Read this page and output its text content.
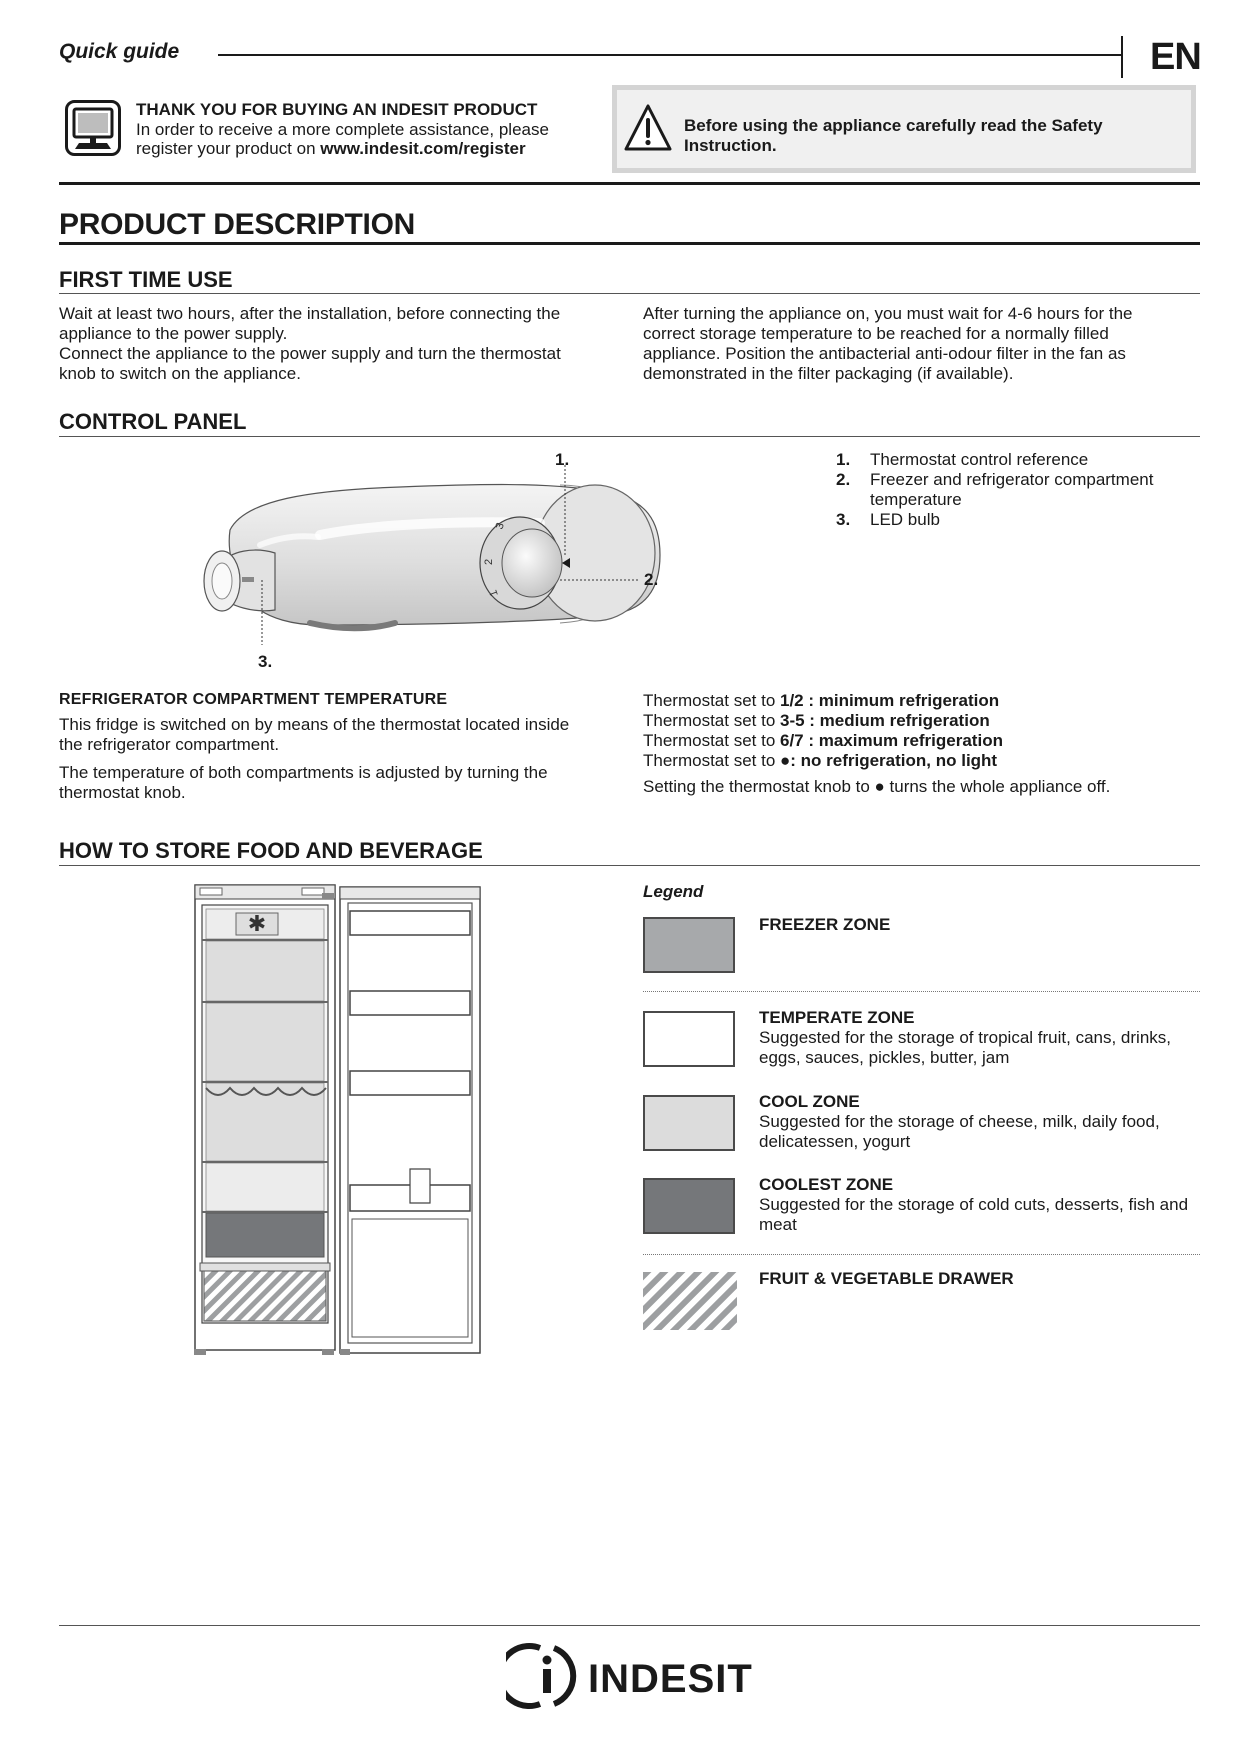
Quick guide	EN
THANK YOU FOR BUYING AN INDESIT PRODUCT
In order to receive a more complete assistance, please
register your product on www.indesit.com/register
Before using the appliance carefully read the Safety
Instruction.
PRODUCT DESCRIPTION
FIRST TIME USE
Wait at least two hours, after the installation, before connecting the
appliance to the power supply.
Connect the appliance to the power supply and turn the thermostat
knob to switch on the appliance.
After turning the appliance on, you must wait for 4-6 hours for the
correct storage temperature to be reached for a normally filled
appliance. Position the antibacterial anti-odour filter in the fan as
demonstrated in the filter packaging (if available).
CONTROL PANEL
3
2
1
1.
2.
3.
1.	Thermostat control reference
2.	Freezer and refrigerator compartment
temperature
3.	LED bulb
REFRIGERATOR COMPARTMENT TEMPERATURE
This fridge is switched on by means of the thermostat located inside
the refrigerator compartment.
The temperature of both compartments is adjusted by turning the
thermostat knob.
Thermostat set to 1/2 : minimum refrigeration
Thermostat set to 3-5 : medium refrigeration
Thermostat set to 6/7 : maximum refrigeration
Thermostat set to ●: no refrigeration, no light
Setting the thermostat knob to ● turns the whole appliance off.
HOW TO STORE FOOD AND BEVERAGE
✱
Legend
FREEZER ZONE
TEMPERATE ZONE
Suggested for the storage of tropical fruit, cans, drinks,
eggs, sauces, pickles, butter, jam
COOL ZONE
Suggested for the storage of cheese, milk, daily food,
delicatessen, yogurt
COOLEST ZONE
Suggested for the storage of cold cuts, desserts, fish and
meat
FRUIT & VEGETABLE DRAWER
INDESIT
